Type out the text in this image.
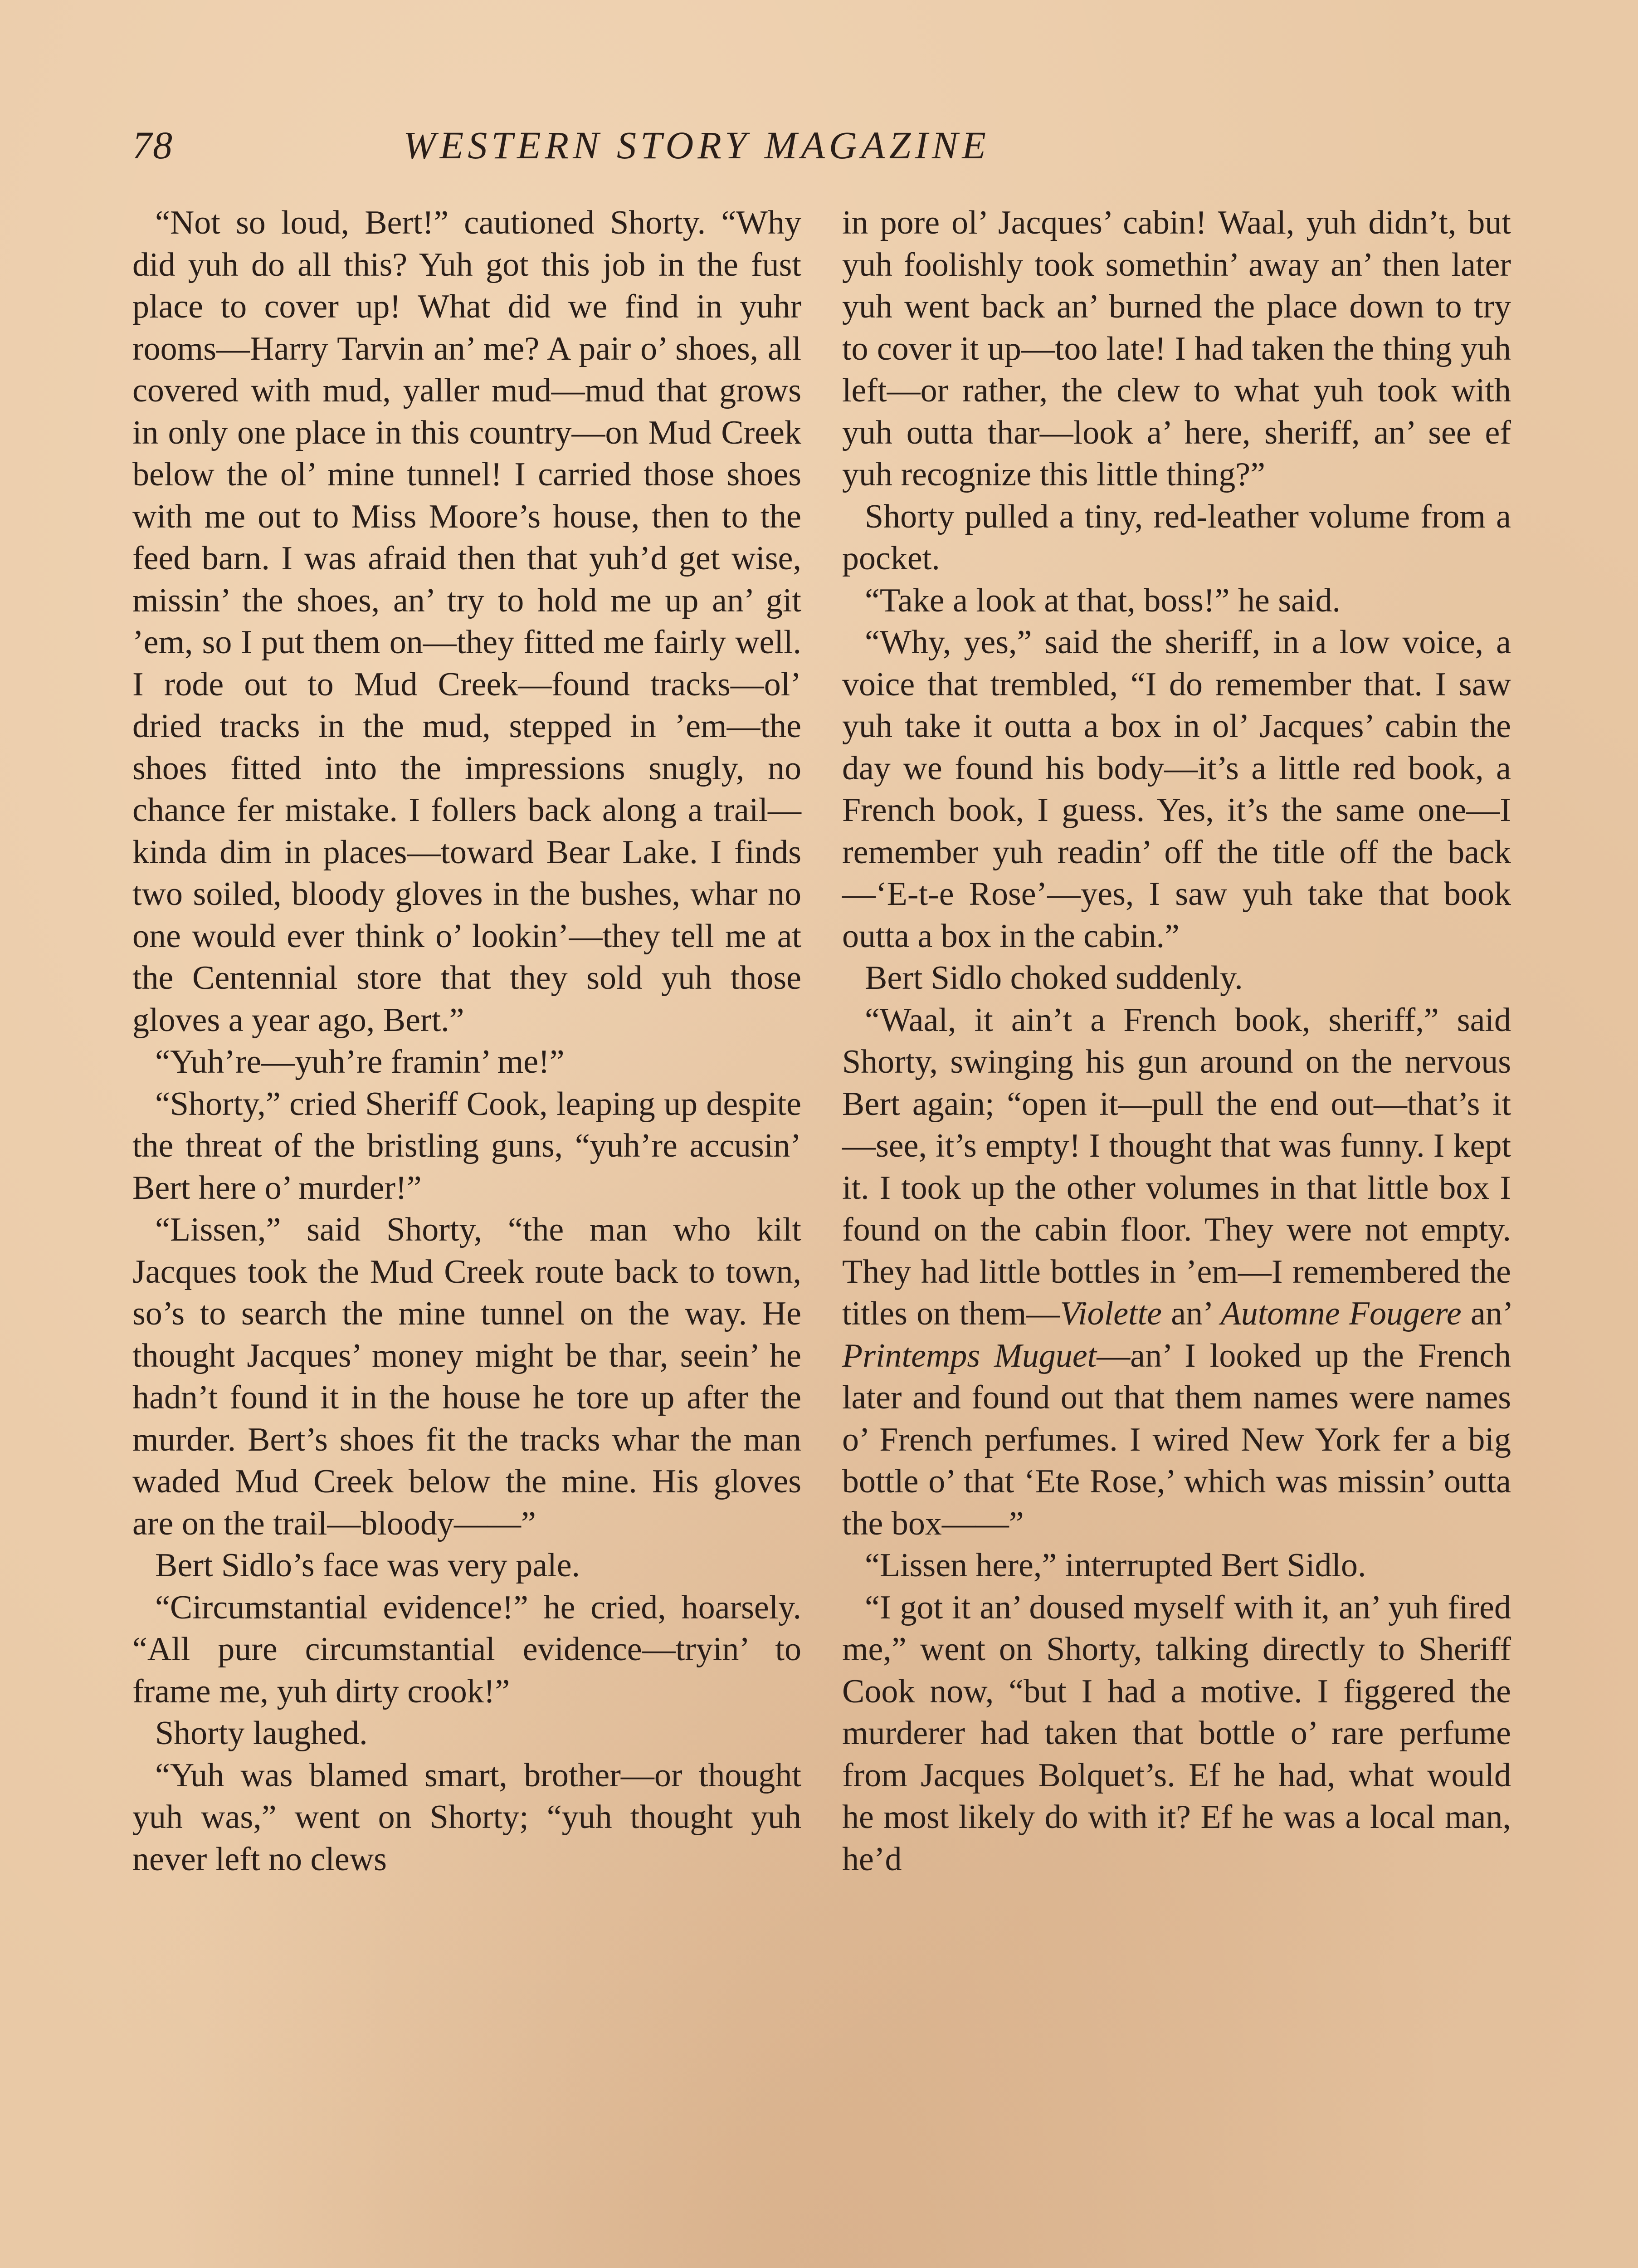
78	WESTERN STORY MAGAZINE

“Not so loud, Bert!” cautioned Shorty. “Why did yuh do all this? Yuh got this job in the fust place to cover up! What did we find in yuhr rooms—Harry Tarvin an’ me? A pair o’ shoes, all covered with mud, yaller mud—mud that grows in only one place in this country—on Mud Creek below the ol’ mine tunnel! I carried those shoes with me out to Miss Moore’s house, then to the feed barn. I was afraid then that yuh’d get wise, missin’ the shoes, an’ try to hold me up an’ git ’em, so I put them on—they fitted me fairly well. I rode out to Mud Creek—found tracks—ol’ dried tracks in the mud, stepped in ’em—the shoes fitted into the impressions snugly, no chance fer mistake. I follers back along a trail—kinda dim in places—toward Bear Lake. I finds two soiled, bloody gloves in the bushes, whar no one would ever think o’ lookin’—they tell me at the Centennial store that they sold yuh those gloves a year ago, Bert.”

“Yuh’re—yuh’re framin’ me!”

“Shorty,” cried Sheriff Cook, leaping up despite the threat of the bristling guns, “yuh’re accusin’ Bert here o’ murder!”

“Lissen,” said Shorty, “the man who kilt Jacques took the Mud Creek route back to town, so’s to search the mine tunnel on the way. He thought Jacques’ money might be thar, seein’ he hadn’t found it in the house he tore up after the murder. Bert’s shoes fit the tracks whar the man waded Mud Creek below the mine. His gloves are on the trail—bloody——”

Bert Sidlo’s face was very pale.

“Circumstantial evidence!” he cried, hoarsely. “All pure circumstantial evidence—tryin’ to frame me, yuh dirty crook!”

Shorty laughed.

“Yuh was blamed smart, brother—or thought yuh was,” went on Shorty; “yuh thought yuh never left no clews

in pore ol’ Jacques’ cabin! Waal, yuh didn’t, but yuh foolishly took somethin’ away an’ then later yuh went back an’ burned the place down to try to cover it up—too late! I had taken the thing yuh left—or rather, the clew to what yuh took with yuh outta thar—look a’ here, sheriff, an’ see ef yuh recognize this little thing?”

Shorty pulled a tiny, red-leather volume from a pocket.

“Take a look at that, boss!” he said.

“Why, yes,” said the sheriff, in a low voice, a voice that trembled, “I do remember that. I saw yuh take it outta a box in ol’ Jacques’ cabin the day we found his body—it’s a little red book, a French book, I guess. Yes, it’s the same one—I remember yuh readin’ off the title off the back—‘E-t-e Rose’—yes, I saw yuh take that book outta a box in the cabin.”

Bert Sidlo choked suddenly.

“Waal, it ain’t a French book, sheriff,” said Shorty, swinging his gun around on the nervous Bert again; “open it—pull the end out—that’s it—see, it’s empty! I thought that was funny. I kept it. I took up the other volumes in that little box I found on the cabin floor. They were not empty. They had little bottles in ’em—I remembered the titles on them—Violette an’ Automne Fougere an’ Printemps Muguet—an’ I looked up the French later and found out that them names were names o’ French perfumes. I wired New York fer a big bottle o’ that ‘Ete Rose,’ which was missin’ outta the box——”

“Lissen here,” interrupted Bert Sidlo.

“I got it an’ doused myself with it, an’ yuh fired me,” went on Shorty, talking directly to Sheriff Cook now, “but I had a motive. I figgered the murderer had taken that bottle o’ rare perfume from Jacques Bolquet’s. Ef he had, what would he most likely do with it? Ef he was a local man, he’d
